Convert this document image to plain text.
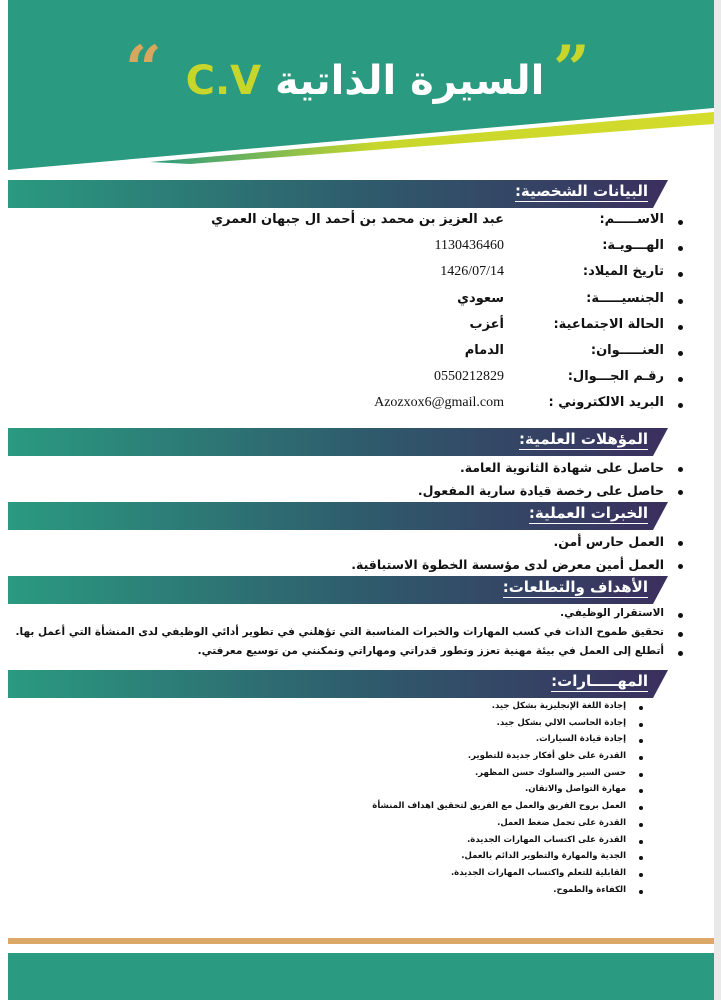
“	”
السيرة الذاتية C.V
البيانات الشخصية:
الاســـــم:عبد العزيز بن محمد بن أحمد ال جبهان العمري
الهـــويـة:1130436460
تاريخ الميلاد:1426/07/14
الجنسيـــــة:سعودي
الحالة الاجتماعية:أعزب
العنـــــوان:الدمام
رقـم الجـــوال:0550212829
البريد الالكتروني :Azozxox6@gmail.com
المؤهلات العلمية:
حاصل على شهادة الثانوية العامة.
حاصل على رخصة قيادة سارية المفعول.
الخبرات العملية:
العمل حارس أمن.
العمل أمين معرض لدى مؤسسة الخطوة الاستباقية.
الأهداف والتطلعات:
الاستقرار الوظيفي.
تحقيق طموح الذات في كسب المهارات والخبرات المناسبة التي تؤهلني في تطوير أدائي الوظيفي لدى المنشأة التي أعمل بها.
أتطلع إلى العمل في بيئة مهنية تعزز وتطور قدراتي ومهاراتي وتمكنني من توسيع معرفتي.
المهـــــارات:
إجادة اللغة الإنجليزية بشكل جيد.
إجادة الحاسب الالي بشكل جيد.
إجادة قيادة السيارات.
القدرة على خلق أفكار جديدة للتطوير.
حسن السير والسلوك حسن المظهر.
مهارة التواصل والاتقان.
العمل بروح الفريق والعمل مع الفريق لتحقيق اهداف المنشأة
القدرة على تحمل ضغط العمل.
القدرة على اكتساب المهارات الجديدة.
الجدية والمهارة والتطوير الدائم بالعمل.
القابلية للتعلم واكتساب المهارات الجديدة.
الكفاءة والطموح.
